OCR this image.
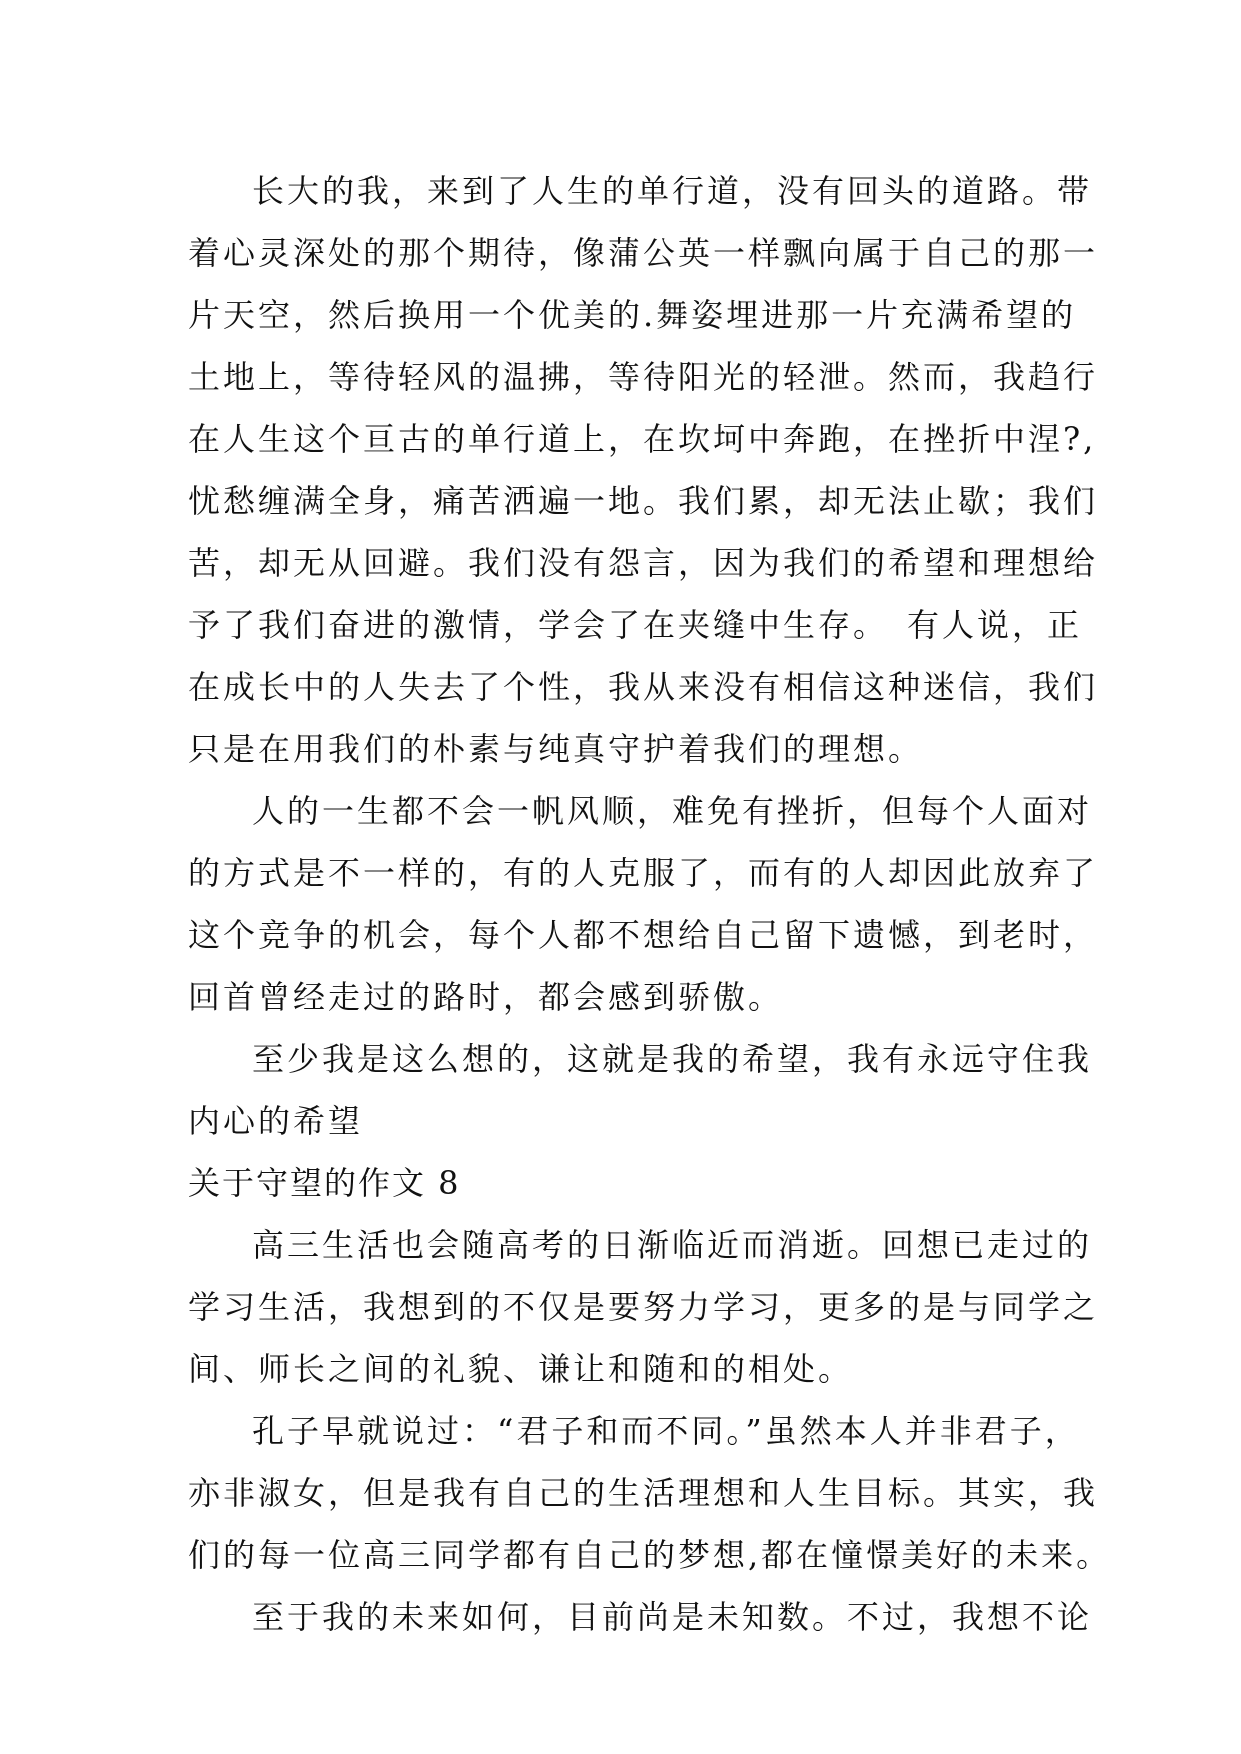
长大的我，来到了人生的单行道，没有回头的道路。带
着心灵深处的那个期待，像蒲公英一样飘向属于自己的那一
片天空，然后换用一个优美的.舞姿埋进那一片充满希望的
土地上，等待轻风的温拂，等待阳光的轻泄。然而，我趋行
在人生这个亘古的单行道上，在坎坷中奔跑，在挫折中涅?,
忧愁缠满全身，痛苦洒遍一地。我们累，却无法止歇；我们
苦，却无从回避。我们没有怨言，因为我们的希望和理想给
予了我们奋进的激情，学会了在夹缝中生存。　有人说，正
在成长中的人失去了个性，我从来没有相信这种迷信，我们
只是在用我们的朴素与纯真守护着我们的理想。
人的一生都不会一帆风顺，难免有挫折，但每个人面对
的方式是不一样的，有的人克服了，而有的人却因此放弃了
这个竞争的机会，每个人都不想给自己留下遗憾，到老时，
回首曾经走过的路时，都会感到骄傲。
至少我是这么想的，这就是我的希望，我有永远守住我
内心的希望
关于守望的作文 8
高三生活也会随高考的日渐临近而消逝。回想已走过的
学习生活，我想到的不仅是要努力学习，更多的是与同学之
间、师长之间的礼貌、谦让和随和的相处。
孔子早就说过：“君子和而不同。”虽然本人并非君子，
亦非淑女，但是我有自己的生活理想和人生目标。其实，我
们的每一位高三同学都有自己的梦想,都在憧憬美好的未来。
至于我的未来如何，目前尚是未知数。不过，我想不论
